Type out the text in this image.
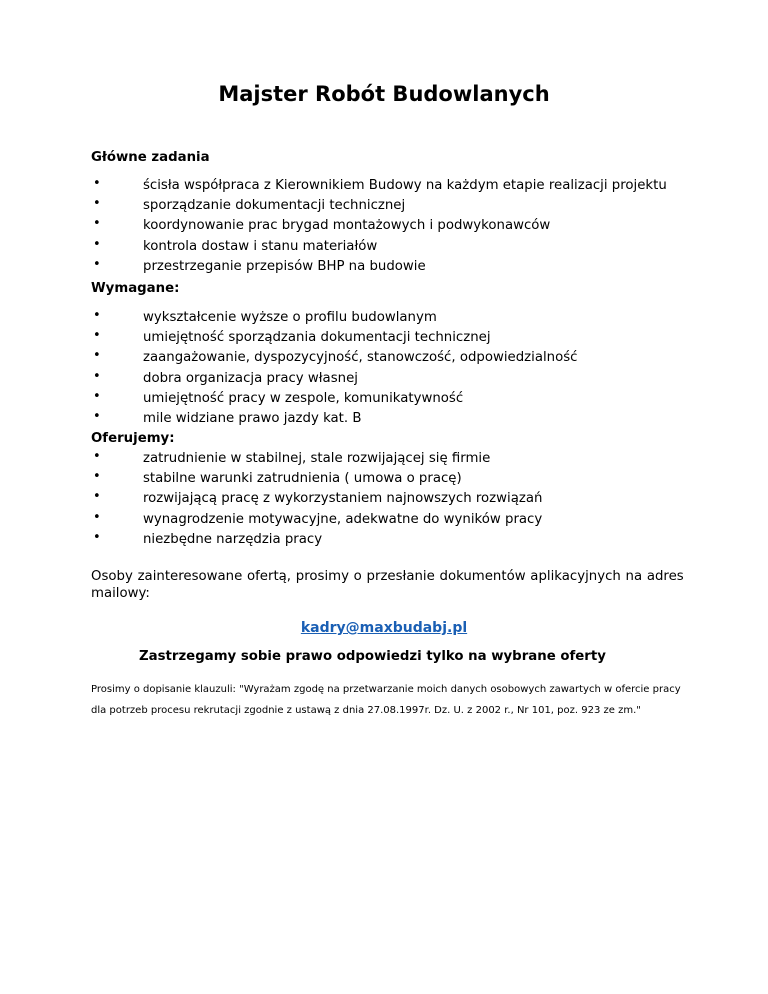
Majster Robót Budowlanych

Główne zadania

•	ścisła współpraca z Kierownikiem Budowy na każdym etapie realizacji projektu
•	sporządzanie dokumentacji technicznej
•	koordynowanie prac brygad montażowych i podwykonawców
•	kontrola dostaw i stanu materiałów
•	przestrzeganie przepisów BHP na budowie

Wymagane:

•	wykształcenie wyższe o profilu budowlanym
•	umiejętność sporządzania dokumentacji technicznej
•	zaangażowanie, dyspozycyjność, stanowczość, odpowiedzialność
•	dobra organizacja pracy własnej
•	umiejętność pracy w zespole, komunikatywność
•	mile widziane prawo jazdy kat. B

Oferujemy:

•	zatrudnienie w stabilnej, stale rozwijającej się firmie
•	stabilne warunki zatrudnienia ( umowa o pracę)
•	rozwijającą pracę z wykorzystaniem najnowszych rozwiązań
•	wynagrodzenie motywacyjne, adekwatne do wyników pracy
•	niezbędne narzędzia pracy

Osoby zainteresowane ofertą, prosimy o przesłanie dokumentów aplikacyjnych na adres mailowy:

kadry@maxbudabj.pl

Zastrzegamy sobie prawo odpowiedzi tylko na wybrane oferty

Prosimy o dopisanie klauzuli: "Wyrażam zgodę na przetwarzanie moich danych osobowych zawartych w ofercie pracy dla potrzeb procesu rekrutacji zgodnie z ustawą z dnia 27.08.1997r. Dz. U. z 2002 r., Nr 101, poz. 923 ze zm."
